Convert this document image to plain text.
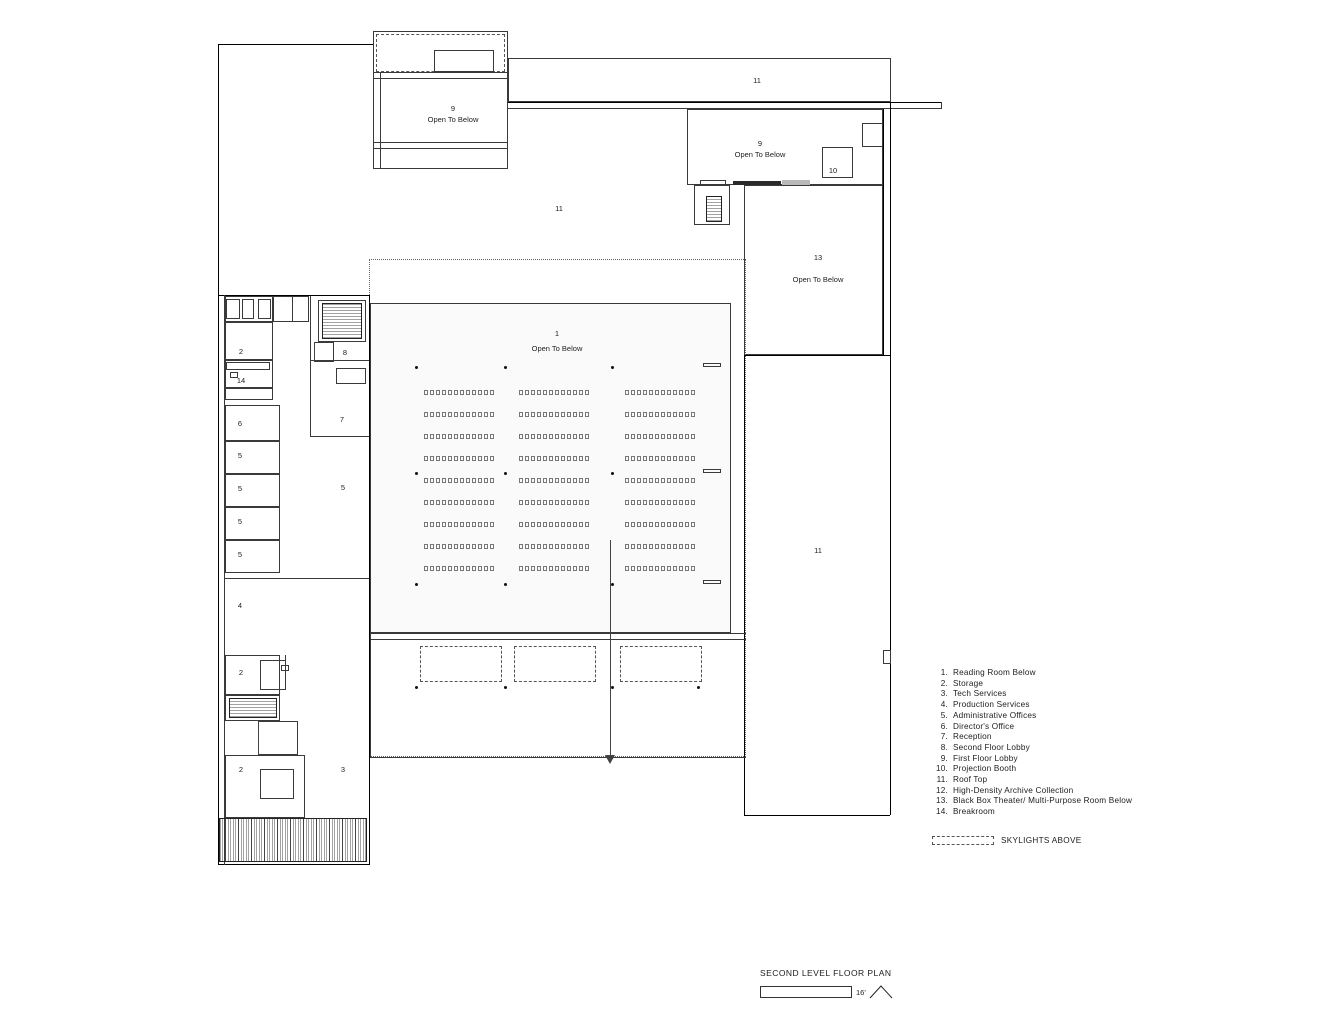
9
Open To Below
11
9
Open To Below
10
13
Open To Below
11
11
1
Open To Below
2
14
6
5
5
5
5
4
2
2	3
8
7
5
1. Reading Room Below
2. Storage
3. Tech Services
4. Production Services
5. Administrative Offices
6. Director's Office
7. Reception
8. Second Floor Lobby
9. First Floor Lobby
10. Projection Booth
11. Roof Top
12. High-Density Archive Collection
13. Black Box Theater/ Multi-Purpose Room Below
14. Breakroom
SKYLIGHTS ABOVE
SECOND LEVEL FLOOR PLAN
16'
